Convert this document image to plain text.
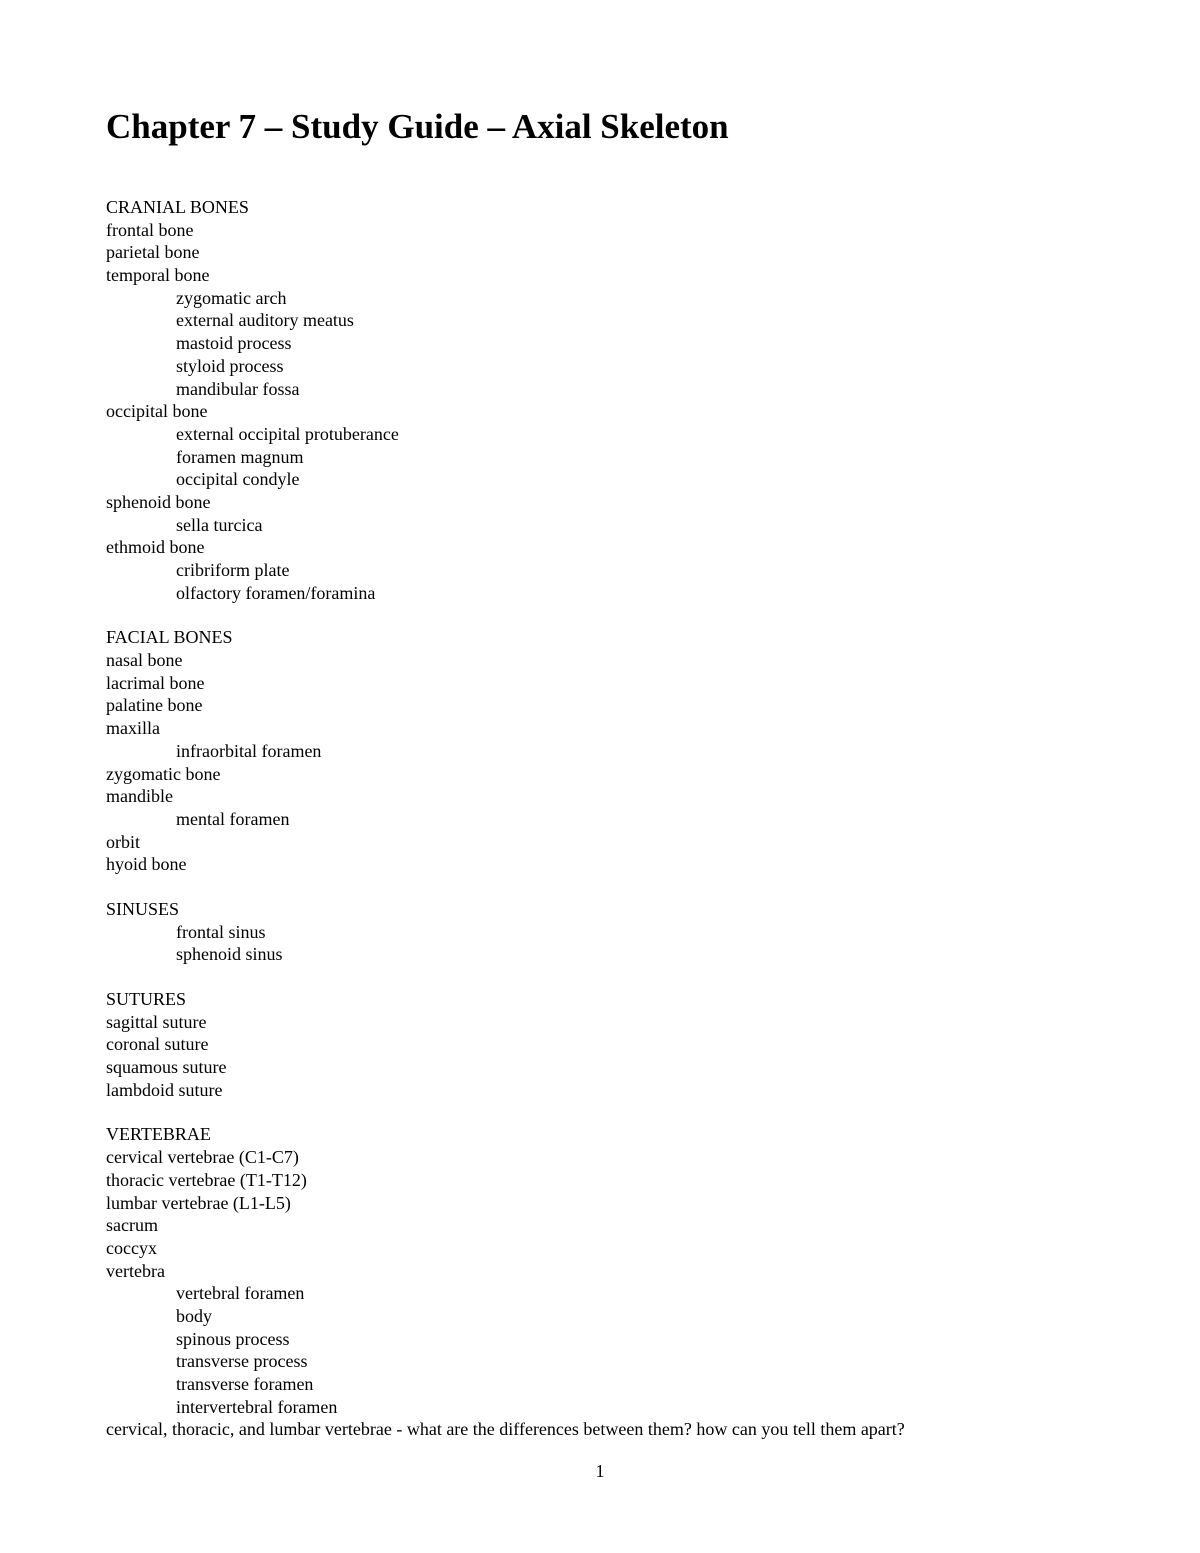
Chapter 7 – Study Guide – Axial Skeleton
CRANIAL BONES
frontal bone
parietal bone
temporal bone
zygomatic arch
external auditory meatus
mastoid process
styloid process
mandibular fossa
occipital bone
external occipital protuberance
foramen magnum
occipital condyle
sphenoid bone
sella turcica
ethmoid bone
cribriform plate
olfactory foramen/foramina
FACIAL BONES
nasal bone
lacrimal bone
palatine bone
maxilla
infraorbital foramen
zygomatic bone
mandible
mental foramen
orbit
hyoid bone
SINUSES
frontal sinus
sphenoid sinus
SUTURES
sagittal suture
coronal suture
squamous suture
lambdoid suture
VERTEBRAE
cervical vertebrae (C1-C7)
thoracic vertebrae (T1-T12)
lumbar vertebrae (L1-L5)
sacrum
coccyx
vertebra
vertebral foramen
body
spinous process
transverse process
transverse foramen
intervertebral foramen
cervical, thoracic, and lumbar vertebrae - what are the differences between them? how can you tell them apart?
1
